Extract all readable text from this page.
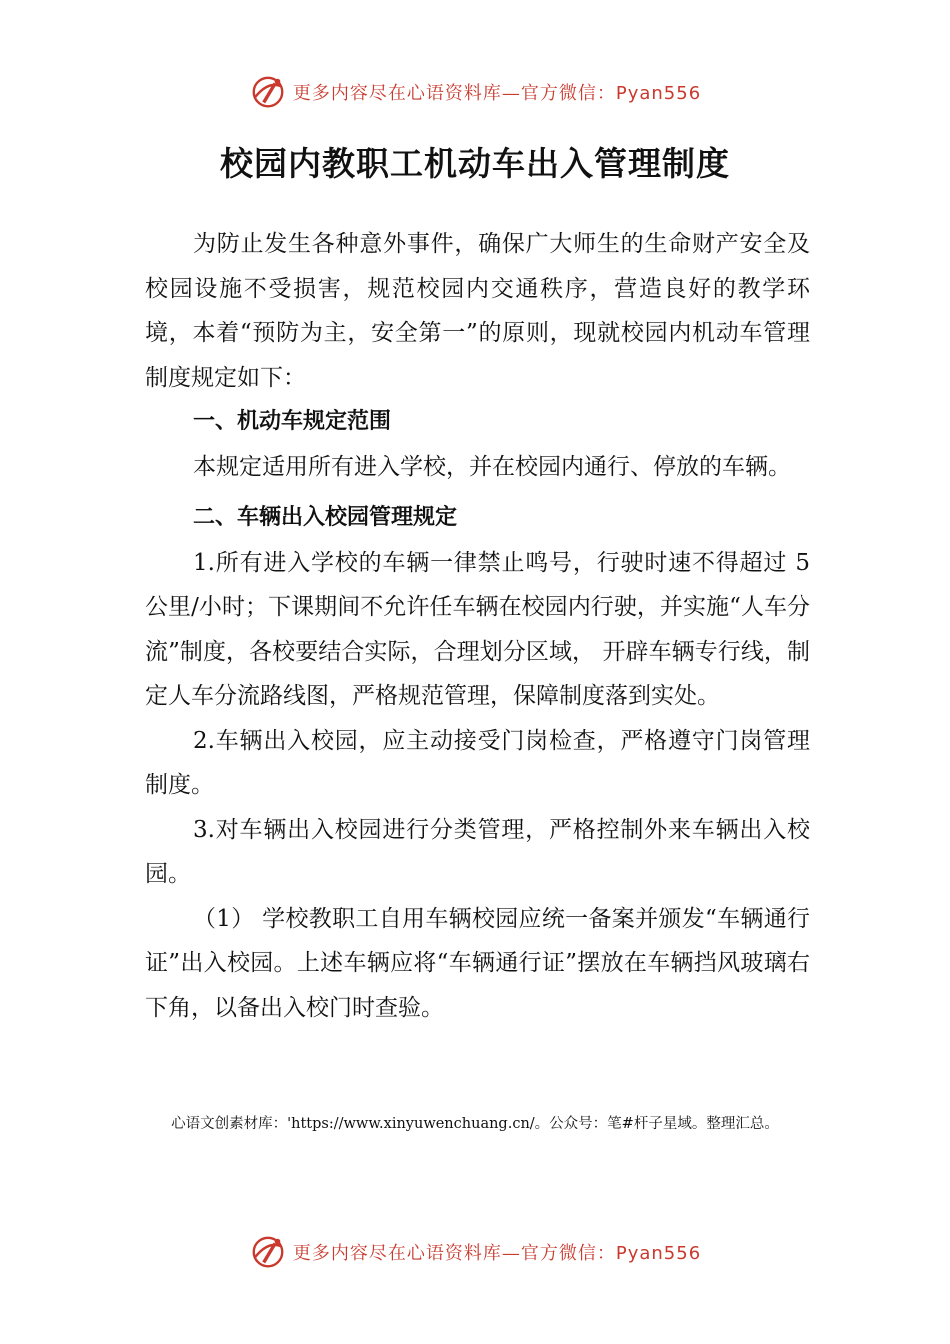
更多内容尽在心语资料库—官方微信：Pyan556
校园内教职工机动车出入管理制度

为防止发生各种意外事件，确保广大师生的生命财产安全及校园设施不受损害，规范校园内交通秩序，营造良好的教学环境，本着“预防为主，安全第一”的原则，现就校园内机动车管理制度规定如下：

一、机动车规定范围

本规定适用所有进入学校，并在校园内通行、停放的车辆。

二、车辆出入校园管理规定

1.所有进入学校的车辆一律禁止鸣号，行驶时速不得超过 5 公里/小时；下课期间不允许任车辆在校园内行驶，并实施“人车分流”制度，各校要结合实际，合理划分区域， 开辟车辆专行线，制定人车分流路线图，严格规范管理，保障制度落到实处。

2.车辆出入校园，应主动接受门岗检查，严格遵守门岗管理制度。

3.对车辆出入校园进行分类管理，严格控制外来车辆出入校园。

（1） 学校教职工自用车辆校园应统一备案并颁发“车辆通行证”出入校园。上述车辆应将“车辆通行证”摆放在车辆挡风玻璃右下角，以备出入校门时查验。

心语文创素材库：'https://www.xinyuwenchuang.cn/。公众号：笔#杆子星域。整理汇总。
更多内容尽在心语资料库—官方微信：Pyan556
